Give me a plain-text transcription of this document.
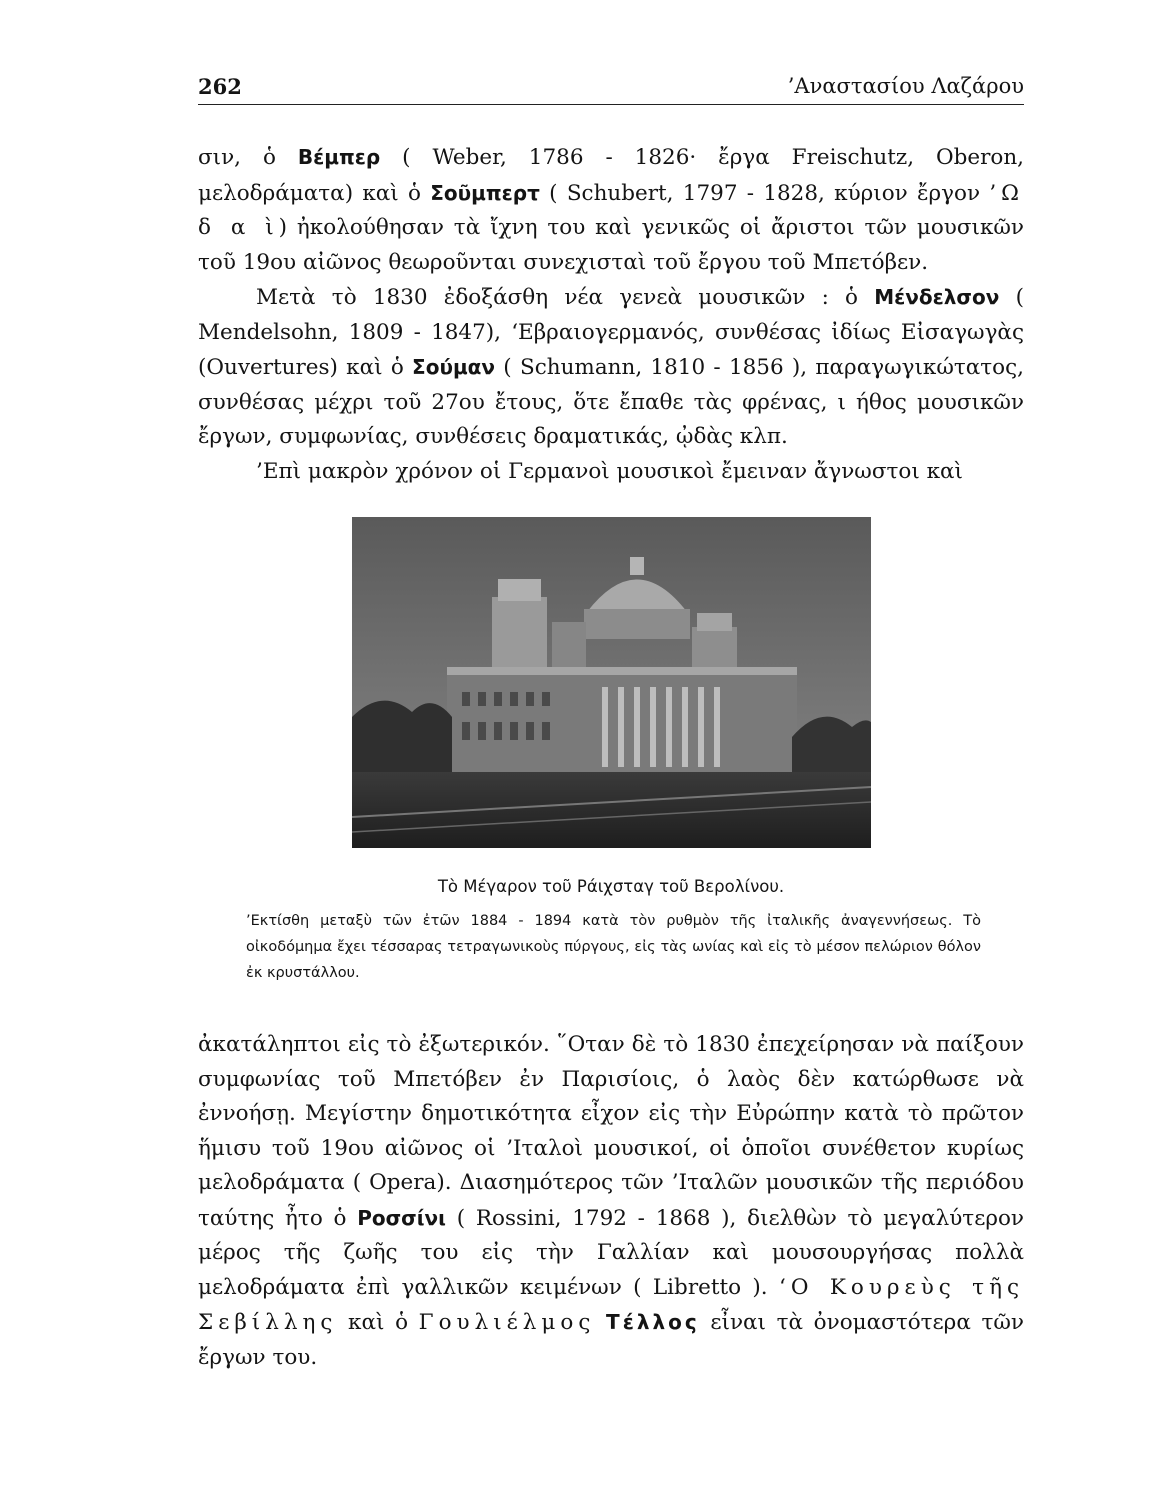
262	’Αναστασίου Λαζάρου

σιν, ὁ Βέμπερ ( Weber, 1786 - 1826· ἔργα Freischutz, Oberon, μελοδράματα) καὶ ὁ Σοῦμπερτ ( Schubert, 1797 - 1828, κύριον ἔργον ’Ω δ α ὶ) ἠκολούθησαν τὰ ἴχνη του καὶ γενικῶς οἱ ἄριστοι τῶν μουσικῶν τοῦ 19ου αἰῶνος θεωροῦνται συνεχισταὶ τοῦ ἔργου τοῦ Μπετόβεν.

Μετὰ τὸ 1830 ἐδοξάσθη νέα γενεὰ μουσικῶν : ὁ Μένδελσον ( Mendelsohn, 1809 - 1847), ‘Εβραιογερμανός, συνθέσας ἰδίως Εἰσαγωγὰς (Ouvertures) καὶ ὁ Σούμαν ( Schumann, 1810 - 1856 ), παραγωγικώτατος, συνθέσας μέχρι τοῦ 27ου ἔτους, ὅτε ἔπαθε τὰς φρένας, ι ήθος μουσικῶν ἔργων, συμφωνίας, συνθέσεις δραματικάς, ᾠδὰς κλπ.

’Επὶ μακρὸν χρόνον οἱ Γερμανοὶ μουσικοὶ ἔμειναν ἄγνωστοι καὶ

Τὸ Μέγαρον τοῦ Ράιχσταγ τοῦ Βερολίνου.

’Εκτίσθη μεταξὺ τῶν ἐτῶν 1884 - 1894 κατὰ τὸν ρυθμὸν τῆς ἰταλικῆς ἀναγεννήσεως. Τὸ οἰκοδόμημα ἔχει τέσσαρας τετραγωνικοὺς πύργους, εἰς τὰς ωνίας καὶ εἰς τὸ μέσον πελώριον θόλον ἐκ κρυστάλλου.

ἀκατάληπτοι εἰς τὸ ἐξωτερικόν. ῞Οταν δὲ τὸ 1830 ἐπεχείρησαν νὰ παίξουν συμφωνίας τοῦ Μπετόβεν ἐν Παρισίοις, ὁ λαὸς δὲν κατώρθωσε νὰ ἐννοήσῃ. Μεγίστην δημοτικότητα εἶχον εἰς τὴν Εὐρώπην κατὰ τὸ πρῶτον ἥμισυ τοῦ 19ου αἰῶνος οἱ ’Ιταλοὶ μουσικοί, οἱ ὁποῖοι συνέθετον κυρίως μελοδράματα ( Opera). Διασημότερος τῶν ’Ιταλῶν μουσικῶν τῆς περιόδου ταύτης ἦτο ὁ Ροσσίνι ( Rossini, 1792 - 1868 ), διελθὼν τὸ μεγαλύτερον μέρος τῆς ζωῆς του εἰς τὴν Γαλλίαν καὶ μουσουργήσας πολλὰ μελοδράματα ἐπὶ γαλλικῶν κειμένων ( Libretto ). ‘Ο Κουρεὺς τῆς Σεβίλλης καὶ ὁ Γουλιέλμος Τέλλος εἶναι τὰ ὀνομαστότερα τῶν ἔργων του.
